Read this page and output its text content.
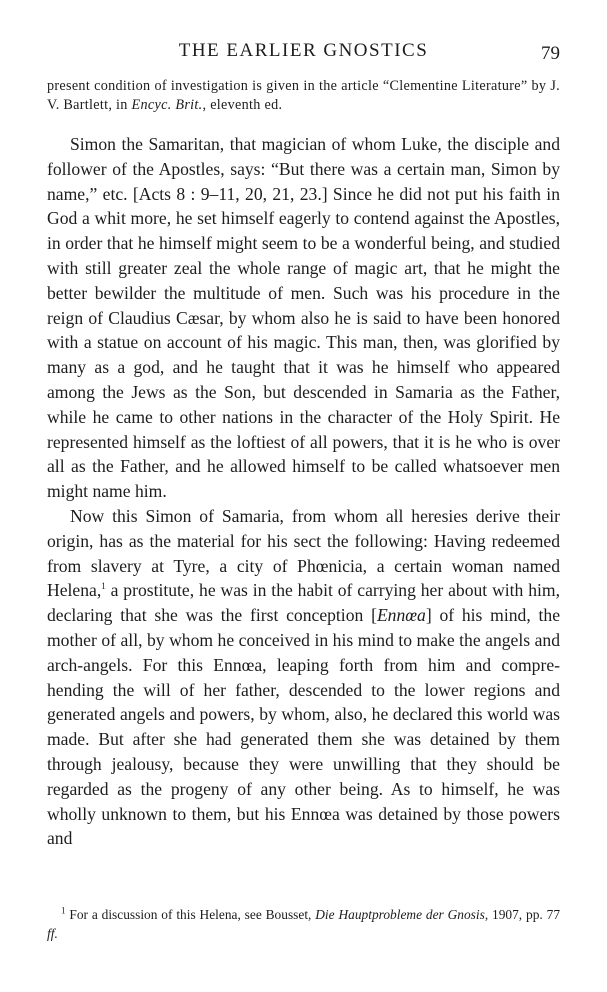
THE EARLIER GNOSTICS	79
present condition of investigation is given in the article “Clementine Literature” by J. V. Bartlett, in Encyc. Brit., eleventh ed.

Simon the Samaritan, that magician of whom Luke, the disciple and follower of the Apostles, says: “But there was a certain man, Simon by name,” etc. [Acts 8 : 9–11, 20, 21, 23.] Since he did not put his faith in God a whit more, he set himself eagerly to contend against the Apostles, in order that he himself might seem to be a wonderful being, and studied with still greater zeal the whole range of magic art, that he might the better bewilder the multitude of men. Such was his procedure in the reign of Claudius Cæsar, by whom also he is said to have been honored with a statue on account of his magic. This man, then, was glorified by many as a god, and he taught that it was he himself who appeared among the Jews as the Son, but descended in Samaria as the Father, while he came to other nations in the character of the Holy Spirit. He represented himself as the loftiest of all powers, that it is he who is over all as the Father, and he allowed himself to be called whatsoever men might name him.

Now this Simon of Samaria, from whom all heresies derive their origin, has as the material for his sect the following: Having redeemed from slavery at Tyre, a city of Phœnicia, a certain woman named Helena,$^1$ a prostitute, he was in the habit of carrying her about with him, declaring that she was the first conception [Ennœa] of his mind, the mother of all, by whom he conceived in his mind to make the angels and arch-angels. For this Ennœa, leaping forth from him and compre-hending the will of her father, descended to the lower regions and generated angels and powers, by whom, also, he declared this world was made. But after she had generated them she was detained by them through jealousy, because they were unwilling that they should be regarded as the progeny of any other being. As to himself, he was wholly unknown to them, but his Ennœa was detained by those powers and

$^1$ For a discussion of this Helena, see Bousset, Die Hauptprobleme der Gnosis, 1907, pp. 77 ff.
